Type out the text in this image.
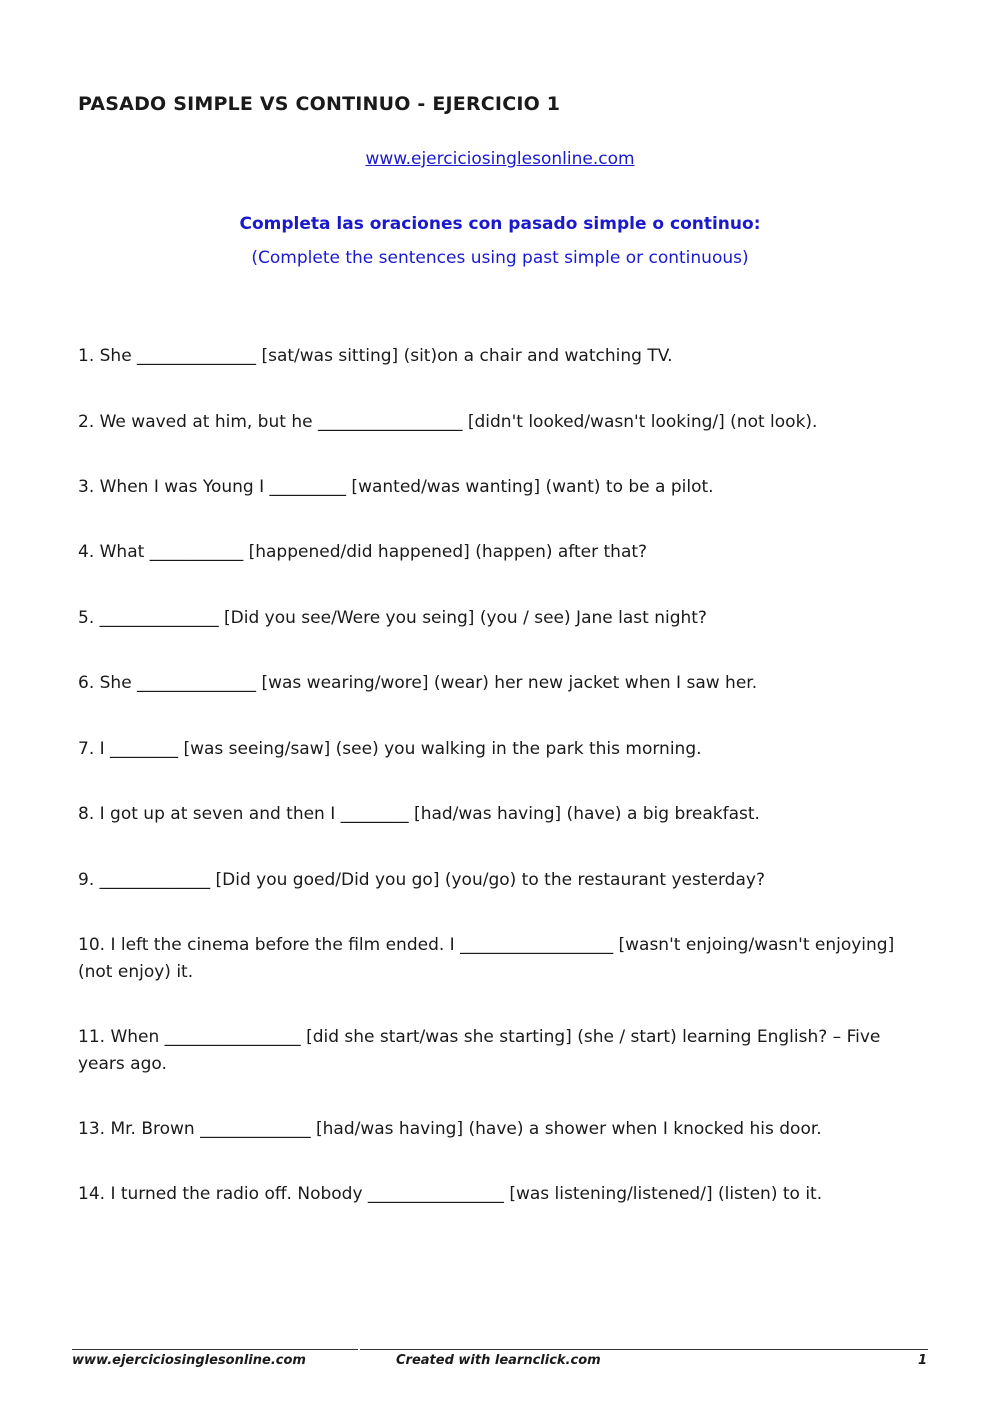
PASADO SIMPLE VS CONTINUO - EJERCICIO 1
www.ejerciciosinglesonline.com
Completa las oraciones con pasado simple o continuo:
(Complete the sentences using past simple or continuous)
1. She ______________ [sat/was sitting] (sit)on a chair and watching TV.
2. We waved at him, but he _________________ [didn't looked/wasn't looking/] (not look).
3. When I was Young I _________ [wanted/was wanting] (want) to be a pilot.
4. What ___________ [happened/did happened] (happen) after that?
5. ______________ [Did you see/Were you seing] (you / see) Jane last night?
6. She ______________ [was wearing/wore] (wear) her new jacket when I saw her.
7. I ________ [was seeing/saw] (see) you walking in the park this morning.
8. I got up at seven and then I ________ [had/was having] (have) a big breakfast.
9. _____________ [Did you goed/Did you go] (you/go) to the restaurant yesterday?
10. I left the cinema before the film ended. I __________________ [wasn't enjoing/wasn't enjoying] (not enjoy) it.
11. When ________________ [did she start/was she starting] (she / start) learning English? – Five years ago.
13. Mr. Brown _____________ [had/was having] (have) a shower when I knocked his door.
14. I turned the radio off. Nobody ________________ [was listening/listened/] (listen) to it.
www.ejerciciosinglesonline.com	Created with learnclick.com	1
